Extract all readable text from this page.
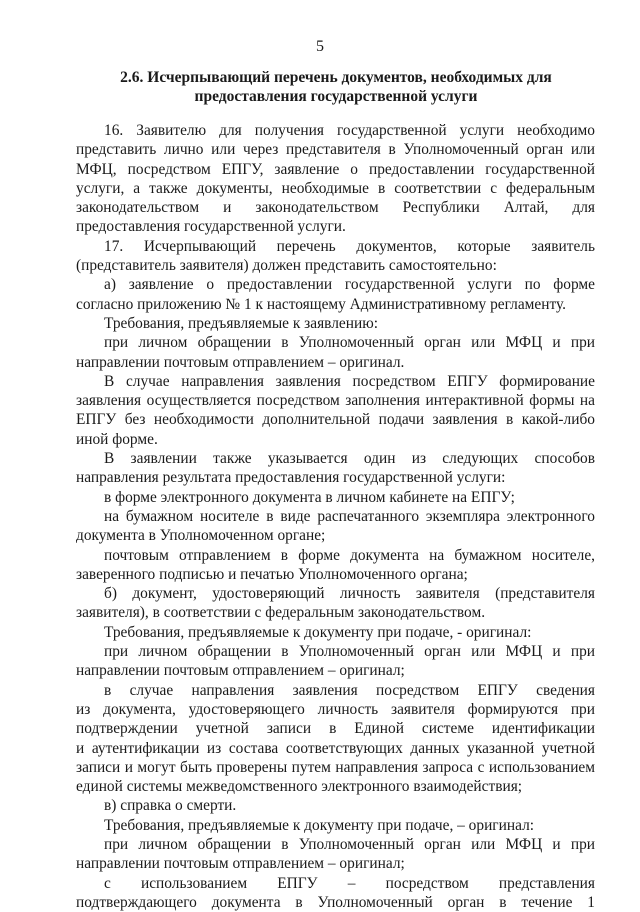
5
2.6. Исчерпывающий перечень документов, необходимых для
предоставления государственной услуги
16. Заявителю для получения государственной услуги необходимо
представить лично или через представителя в Уполномоченный орган или
МФЦ, посредством ЕПГУ, заявление о предоставлении государственной
услуги, а также документы, необходимые в соответствии с федеральным
законодательством и законодательством Республики Алтай, для
предоставления государственной услуги.
17. Исчерпывающий перечень документов, которые заявитель
(представитель заявителя) должен представить самостоятельно:
а) заявление о предоставлении государственной услуги по форме
согласно приложению № 1 к настоящему Административному регламенту.
Требования, предъявляемые к заявлению:
при личном обращении в Уполномоченный орган или МФЦ и при
направлении почтовым отправлением – оригинал.
В случае направления заявления посредством ЕПГУ формирование
заявления осуществляется посредством заполнения интерактивной формы на
ЕПГУ без необходимости дополнительной подачи заявления в какой-либо
иной форме.
В заявлении также указывается один из следующих способов
направления результата предоставления государственной услуги:
в форме электронного документа в личном кабинете на ЕПГУ;
на бумажном носителе в виде распечатанного экземпляра электронного
документа в Уполномоченном органе;
почтовым отправлением в форме документа на бумажном носителе,
заверенного подписью и печатью Уполномоченного органа;
б) документ, удостоверяющий личность заявителя (представителя
заявителя), в соответствии с федеральным законодательством.
Требования, предъявляемые к документу при подаче, - оригинал:
при личном обращении в Уполномоченный орган или МФЦ и при
направлении почтовым отправлением – оригинал;
в случае направления заявления посредством ЕПГУ сведения
из документа, удостоверяющего личность заявителя формируются при
подтверждении учетной записи в Единой системе идентификации
и аутентификации из состава соответствующих данных указанной учетной
записи и могут быть проверены путем направления запроса с использованием
единой системы межведомственного электронного взаимодействия;
в) справка о смерти.
Требования, предъявляемые к документу при подаче, – оригинал:
при личном обращении в Уполномоченный орган или МФЦ и при
направлении почтовым отправлением – оригинал;
с использованием ЕПГУ – посредством представления
подтверждающего документа в Уполномоченный орган в течение 1
